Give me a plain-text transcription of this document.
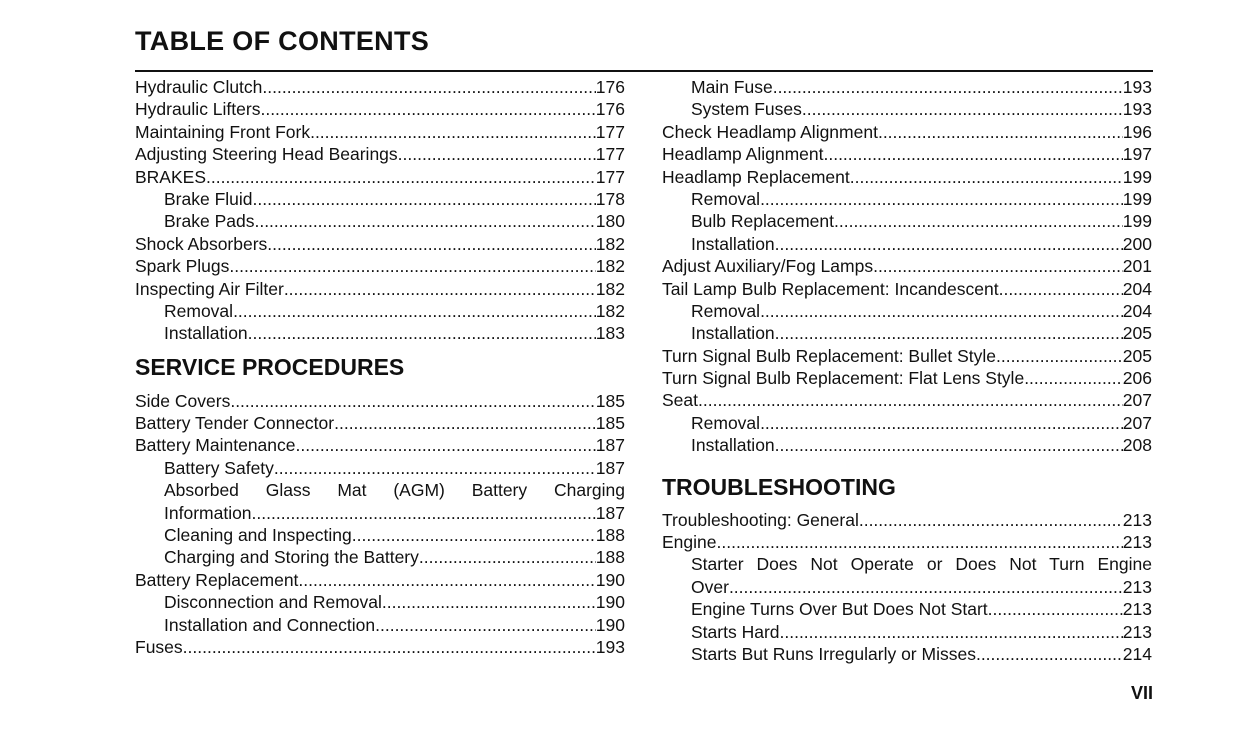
TABLE OF CONTENTS
Hydraulic Clutch .....	176
Hydraulic Lifters .....	176
Maintaining Front Fork .....	177
Adjusting Steering Head Bearings .....	177
BRAKES .....	177
Brake Fluid .....	178
Brake Pads .....	180
Shock Absorbers .....	182
Spark Plugs .....	182
Inspecting Air Filter .....	182
Removal .....	182
Installation .....	183
SERVICE PROCEDURES
Side Covers .....	185
Battery Tender Connector .....	185
Battery Maintenance .....	187
Battery Safety .....	187
Absorbed Glass Mat (AGM) Battery Charging
Information .....	187
Cleaning and Inspecting .....	188
Charging and Storing the Battery .....	188
Battery Replacement .....	190
Disconnection and Removal .....	190
Installation and Connection .....	190
Fuses .....	193
Main Fuse .....	193
System Fuses .....	193
Check Headlamp Alignment .....	196
Headlamp Alignment .....	197
Headlamp Replacement .....	199
Removal .....	199
Bulb Replacement .....	199
Installation .....	200
Adjust Auxiliary/Fog Lamps .....	201
Tail Lamp Bulb Replacement: Incandescent .....	204
Removal .....	204
Installation .....	205
Turn Signal Bulb Replacement: Bullet Style .....	205
Turn Signal Bulb Replacement: Flat Lens Style .....	206
Seat .....	207
Removal .....	207
Installation .....	208
TROUBLESHOOTING
Troubleshooting: General .....	213
Engine .....	213
Starter Does Not Operate or Does Not Turn Engine
Over .....	213
Engine Turns Over But Does Not Start .....	213
Starts Hard .....	213
Starts But Runs Irregularly or Misses .....	214
VII
